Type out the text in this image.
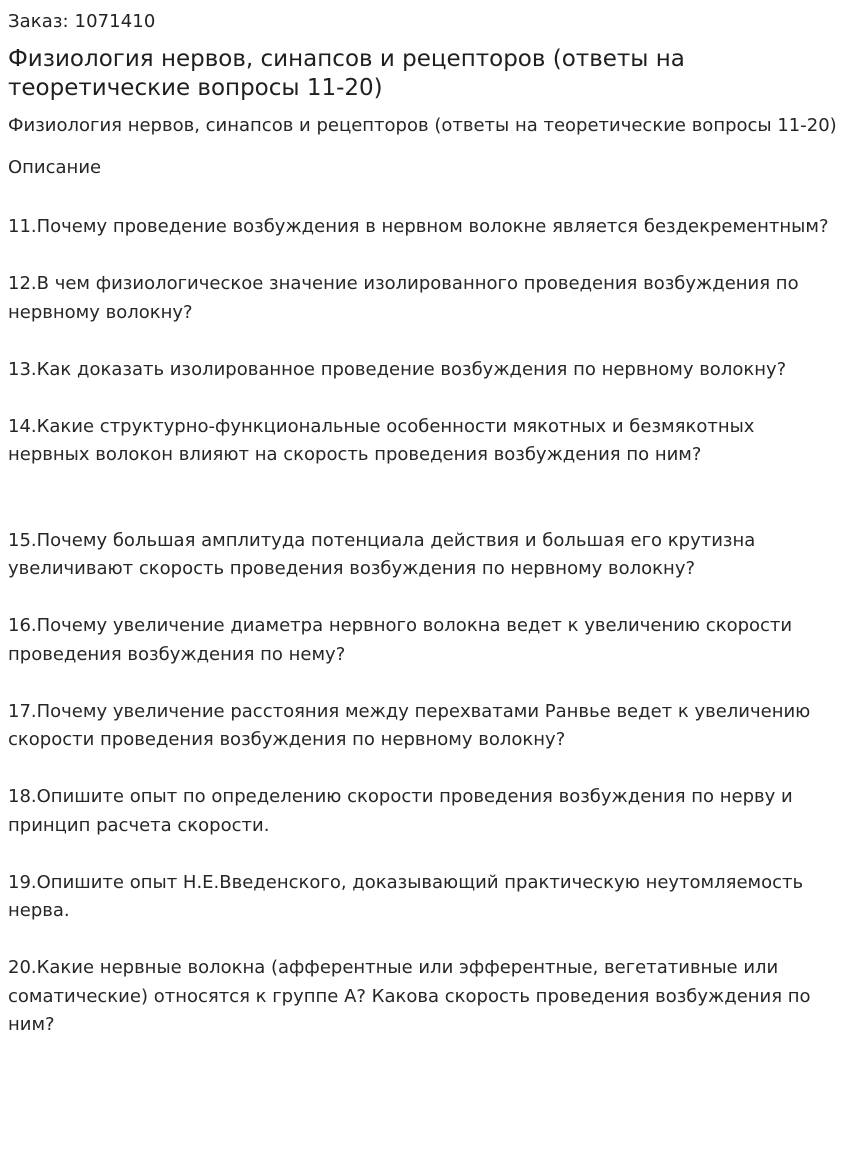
Заказ: 1071410

Физиология нервов, синапсов и рецепторов (ответы на теоретические вопросы 11-20)

Физиология нервов, синапсов и рецепторов (ответы на теоретические вопросы 11-20)

Описание

11.Почему проведение возбуждения в нервном волокне является бездекрементным?
12.В чем физиологическое значение изолированного проведения возбуждения по нервному волокну?
13.Как доказать изолированное проведение возбуждения по нервному волокну?
14.Какие структурно-функциональные особенности мякотных и безмякотных нервных волокон влияют на скорость проведения возбуждения по ним?
15.Почему большая амплитуда потенциала действия и большая его крутизна увеличивают скорость проведения возбуждения по нервному волокну?
16.Почему увеличение диаметра нервного волокна ведет к увеличению скорости проведения возбуждения по нему?
17.Почему увеличение расстояния между перехватами Ранвье ведет к увеличению скорости проведения возбуждения по нервному волокну?
18.Опишите опыт по определению скорости проведения возбуждения по нерву и принцип расчета скорости.
19.Опишите опыт Н.Е.Введенского, доказывающий практическую неутомляемость нерва.
20.Какие нервные волокна (афферентные или эфферентные, вегетативные или соматические) относятся к группе А? Какова скорость проведения возбуждения по ним?
